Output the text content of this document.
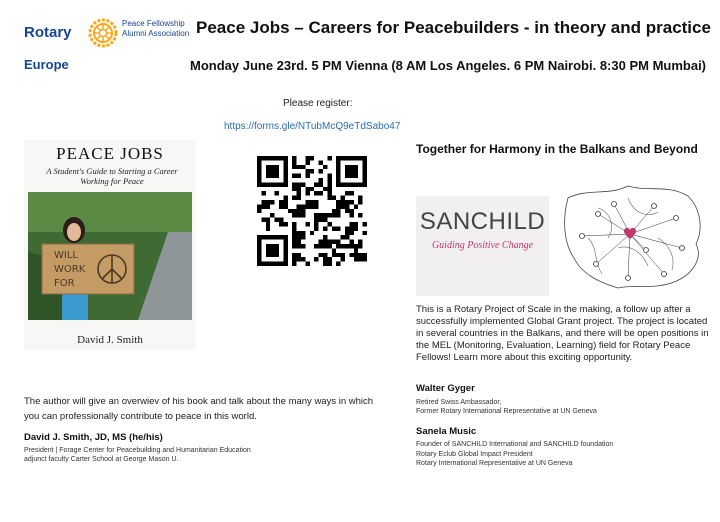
Rotary
Peace Fellowship
Alumni Association
Europe
Peace Jobs – Careers for Peacebuilders - in theory and practice
Monday June 23rd. 5 PM Vienna (8 AM Los Angeles. 6 PM Nairobi. 8:30 PM Mumbai)
Please register:
https://forms.gle/NTubMcQ9eTdSabo47
PEACE JOBS
A Student's Guide to Starting a Career Working for Peace
WILL
WORK
FOR
David J. Smith
Together for Harmony in the Balkans and Beyond
SANCHILD
Guiding Positive Change
This is a Rotary Project of Scale in the making, a follow up after a successfully implemented Global Grant project. The project is located in several countries in the Balkans, and there will be open positions in the MEL (Monitoring, Evaluation, Learning) field for Rotary Peace Fellows! Learn more about this exciting opportunity.
Walter Gyger
Retired Swiss Ambassador,
Former Rotary International Representative at UN Geneva
Sanela Music
Founder of SANCHILD International and SANCHILD foundation
Rotary Eclub Global Impact President
Rotary International Representative at UN Geneva
The author will give an overwiev of his book and talk about the many ways in which you can professionally contribute to peace in this world.
David J. Smith, JD, MS (he/his)
President | Forage Center for Peacebuilding and Humanitarian Education
adjunct faculty Carter School at George Mason U.
